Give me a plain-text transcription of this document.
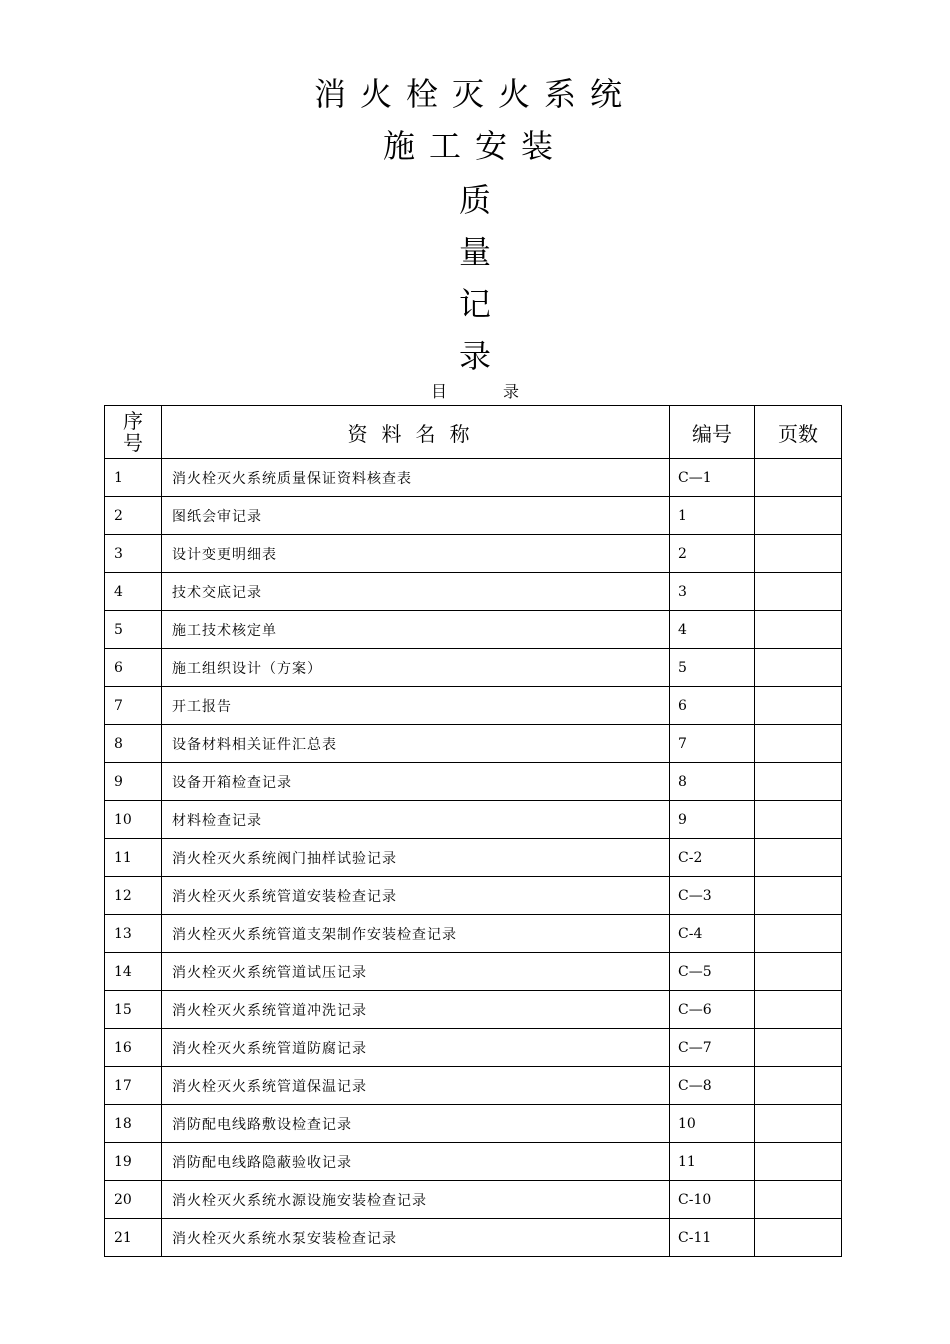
消火栓灭火系统
施工安装
质
量
记
录
目	录
序
号	资料名称	编号	页数
1	消火栓灭火系统质量保证资料核查表	C—1	
2	图纸会审记录	1	
3	设计变更明细表	2	
4	技术交底记录	3	
5	施工技术核定单	4	
6	施工组织设计（方案）	5	
7	开工报告	6	
8	设备材料相关证件汇总表	7	
9	设备开箱检查记录	8	
10	材料检查记录	9	
11	消火栓灭火系统阀门抽样试验记录	C-2	
12	消火栓灭火系统管道安装检查记录	C—3	
13	消火栓灭火系统管道支架制作安装检查记录	C-4	
14	消火栓灭火系统管道试压记录	C—5	
15	消火栓灭火系统管道冲洗记录	C—6	
16	消火栓灭火系统管道防腐记录	C—7	
17	消火栓灭火系统管道保温记录	C—8	
18	消防配电线路敷设检查记录	10	
19	消防配电线路隐蔽验收记录	11	
20	消火栓灭火系统水源设施安装检查记录	C-10	
21	消火栓灭火系统水泵安装检查记录	C-11	
